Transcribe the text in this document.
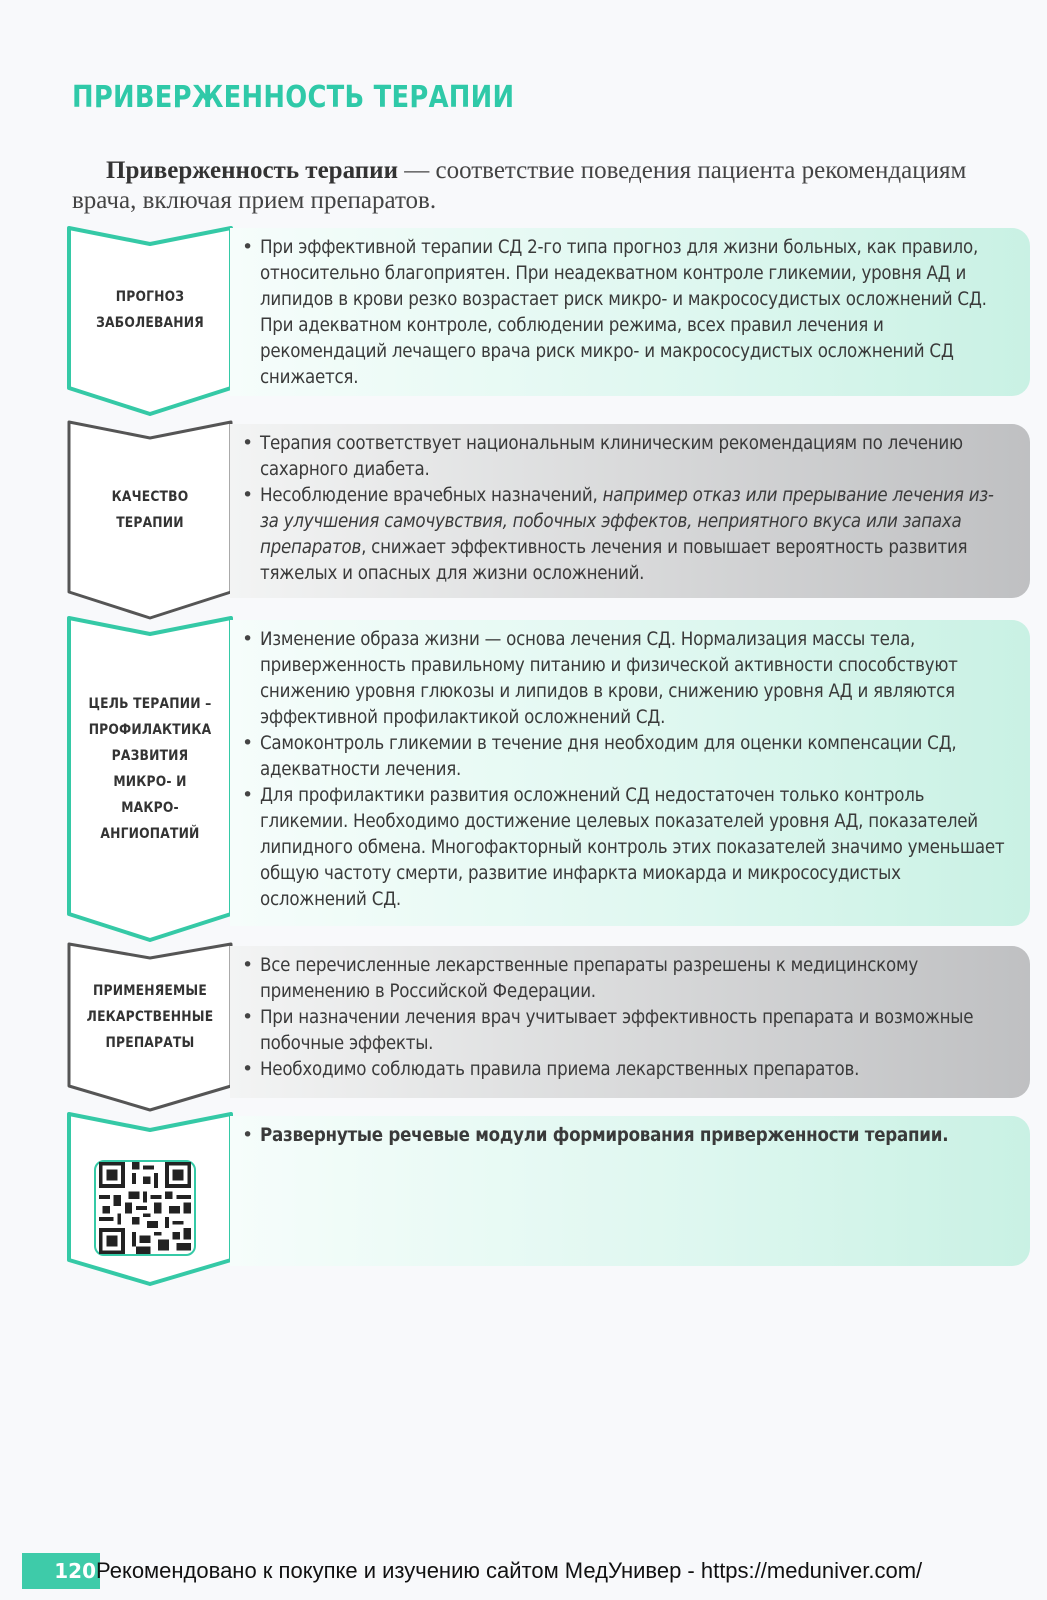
ПРИВЕРЖЕННОСТЬ ТЕРАПИИ

Приверженность терапии — соответствие поведения пациента рекомендациям врача, включая прием препаратов.

ПРОГНОЗ ЗАБОЛЕВАНИЯ
• При эффективной терапии СД 2-го типа прогноз для жизни больных, как правило, относительно благоприятен. При неадекватном контроле гликемии, уровня АД и липидов в крови резко возрастает риск микро- и макрососудистых осложнений СД. При адекватном контроле, соблюдении режима, всех правил лечения и рекомендаций лечащего врача риск микро- и макрососудистых осложнений СД снижается.
КАЧЕСТВО ТЕРАПИИ
• Терапия соответствует национальным клиническим рекомендациям по лечению сахарного диабета.
• Несоблюдение врачебных назначений, например отказ или прерывание лечения из-за улучшения самочувствия, побочных эффектов, неприятного вкуса или запаха препаратов, снижает эффективность лечения и повышает вероятность развития тяжелых и опасных для жизни осложнений.
ЦЕЛЬ ТЕРАПИИ – ПРОФИЛАКТИКА РАЗВИТИЯ МИКРО- И МАКРО- АНГИОПАТИЙ
• Изменение образа жизни — основа лечения СД. Нормализация массы тела, приверженность правильному питанию и физической активности способствуют снижению уровня глюкозы и липидов в крови, снижению уровня АД и являются эффективной профилактикой осложнений СД.
• Самоконтроль гликемии в течение дня необходим для оценки компенсации СД, адекватности лечения.
• Для профилактики развития осложнений СД недостаточен только контроль гликемии. Необходимо достижение целевых показателей уровня АД, показателей липидного обмена. Многофакторный контроль этих показателей значимо уменьшает общую частоту смерти, развитие инфаркта миокарда и микрососудистых осложнений СД.
ПРИМЕНЯЕМЫЕ ЛЕКАРСТВЕННЫЕ ПРЕПАРАТЫ
• Все перечисленные лекарственные препараты разрешены к медицинскому применению в Российской Федерации.
• При назначении лечения врач учитывает эффективность препарата и возможные побочные эффекты.
• Необходимо соблюдать правила приема лекарственных препаратов.
• Развернутые речевые модули формирования приверженности терапии.
120 Рекомендовано к покупке и изучению сайтом МедУнивер - https://meduniver.com/
